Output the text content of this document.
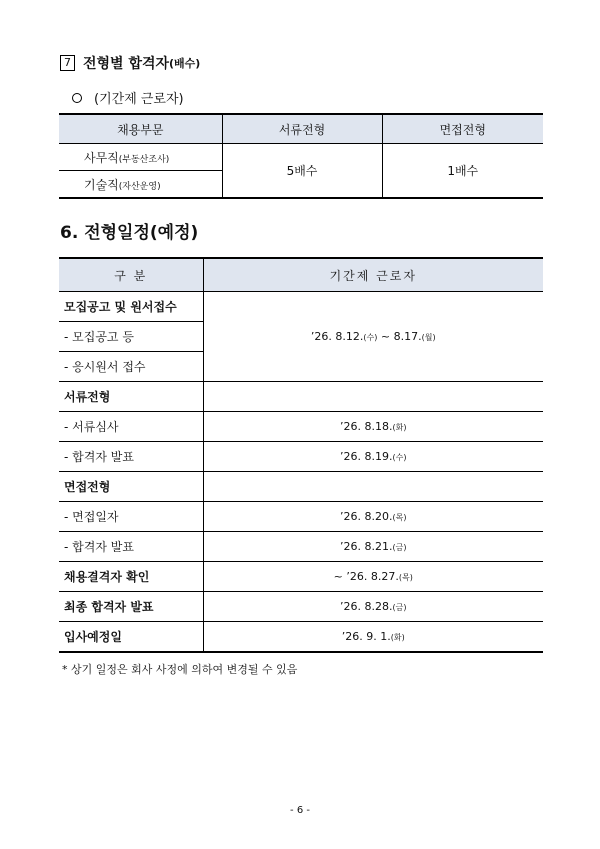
7 전형별 합격자 (배수)
(기간제 근로자)
채용부문	서류전형	면접전형
사무직(부동산조사)	5배수	1배수
기술직(자산운영)		
6. 전형일정(예정)
구 분	기간제 근로자
모집공고 및 원서접수	’26. 8.12.(수) ~ 8.17.(월)
- 모집공고 등	
- 응시원서 접수	
서류전형	
- 서류심사	’26. 8.18.(화)
- 합격자 발표	’26. 8.19.(수)
면접전형	
- 면접일자	’26. 8.20.(목)
- 합격자 발표	’26. 8.21.(금)
채용결격자 확인	~ ’26. 8.27.(목)
최종 합격자 발표	’26. 8.28.(금)
입사예정일	’26. 9. 1.(화)
* 상기 일정은 회사 사정에 의하여 변경될 수 있음
- 6 -
